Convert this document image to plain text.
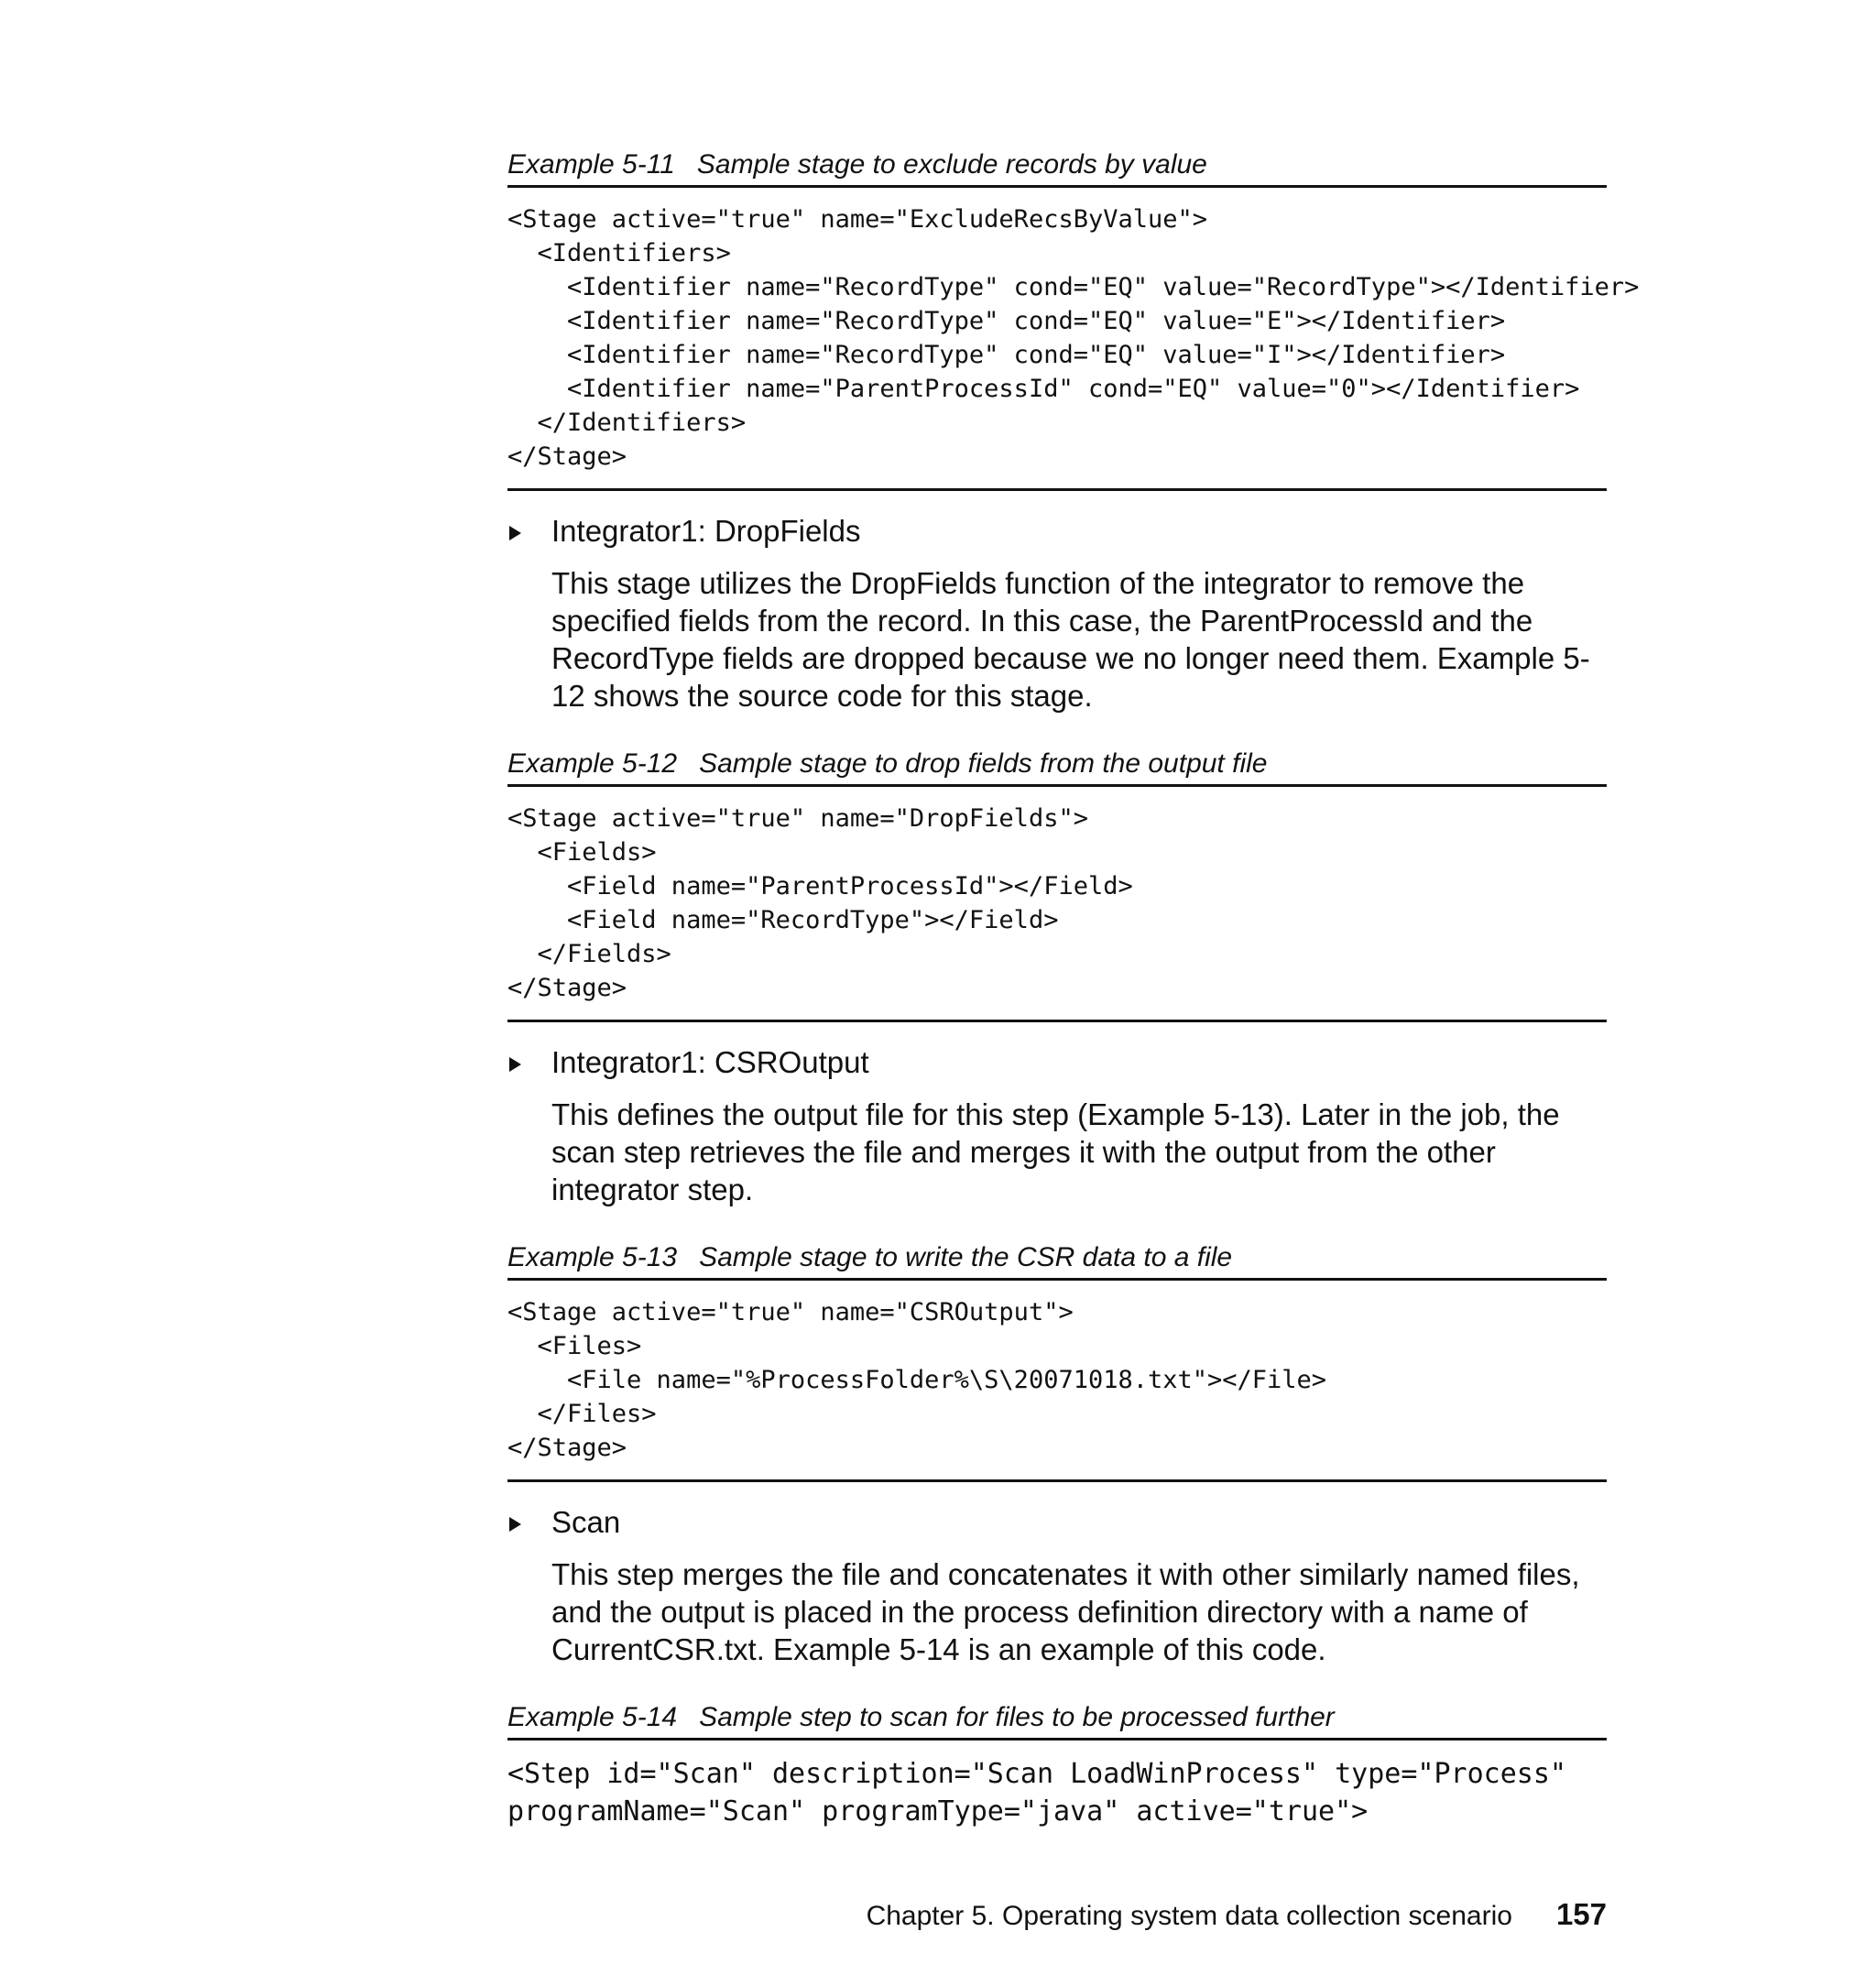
Example 5-11 Sample stage to exclude records by value

<Stage active="true" name="ExcludeRecsByValue">
<Identifiers>
<Identifier name="RecordType" cond="EQ" value="RecordType"></Identifier>
<Identifier name="RecordType" cond="EQ" value="E"></Identifier>
<Identifier name="RecordType" cond="EQ" value="I"></Identifier>
<Identifier name="ParentProcessId" cond="EQ" value="0"></Identifier>
</Identifiers>
</Stage>

Integrator1: DropFields

This stage utilizes the DropFields function of the integrator to remove the specified fields from the record. In this case, the ParentProcessId and the RecordType fields are dropped because we no longer need them. Example 5-12 shows the source code for this stage.

Example 5-12 Sample stage to drop fields from the output file

<Stage active="true" name="DropFields">
<Fields>
<Field name="ParentProcessId"></Field>
<Field name="RecordType"></Field>
</Fields>
</Stage>

Integrator1: CSROutput

This defines the output file for this step (Example 5-13). Later in the job, the scan step retrieves the file and merges it with the output from the other integrator step.

Example 5-13 Sample stage to write the CSR data to a file

<Stage active="true" name="CSROutput">
<Files>
<File name="%ProcessFolder%\S\20071018.txt"></File>
</Files>
</Stage>

Scan

This step merges the file and concatenates it with other similarly named files, and the output is placed in the process definition directory with a name of CurrentCSR.txt. Example 5-14 is an example of this code.

Example 5-14 Sample step to scan for files to be processed further

<Step id="Scan" description="Scan LoadWinProcess" type="Process"
programName="Scan" programType="java" active="true">
Chapter 5. Operating system data collection scenario 157
